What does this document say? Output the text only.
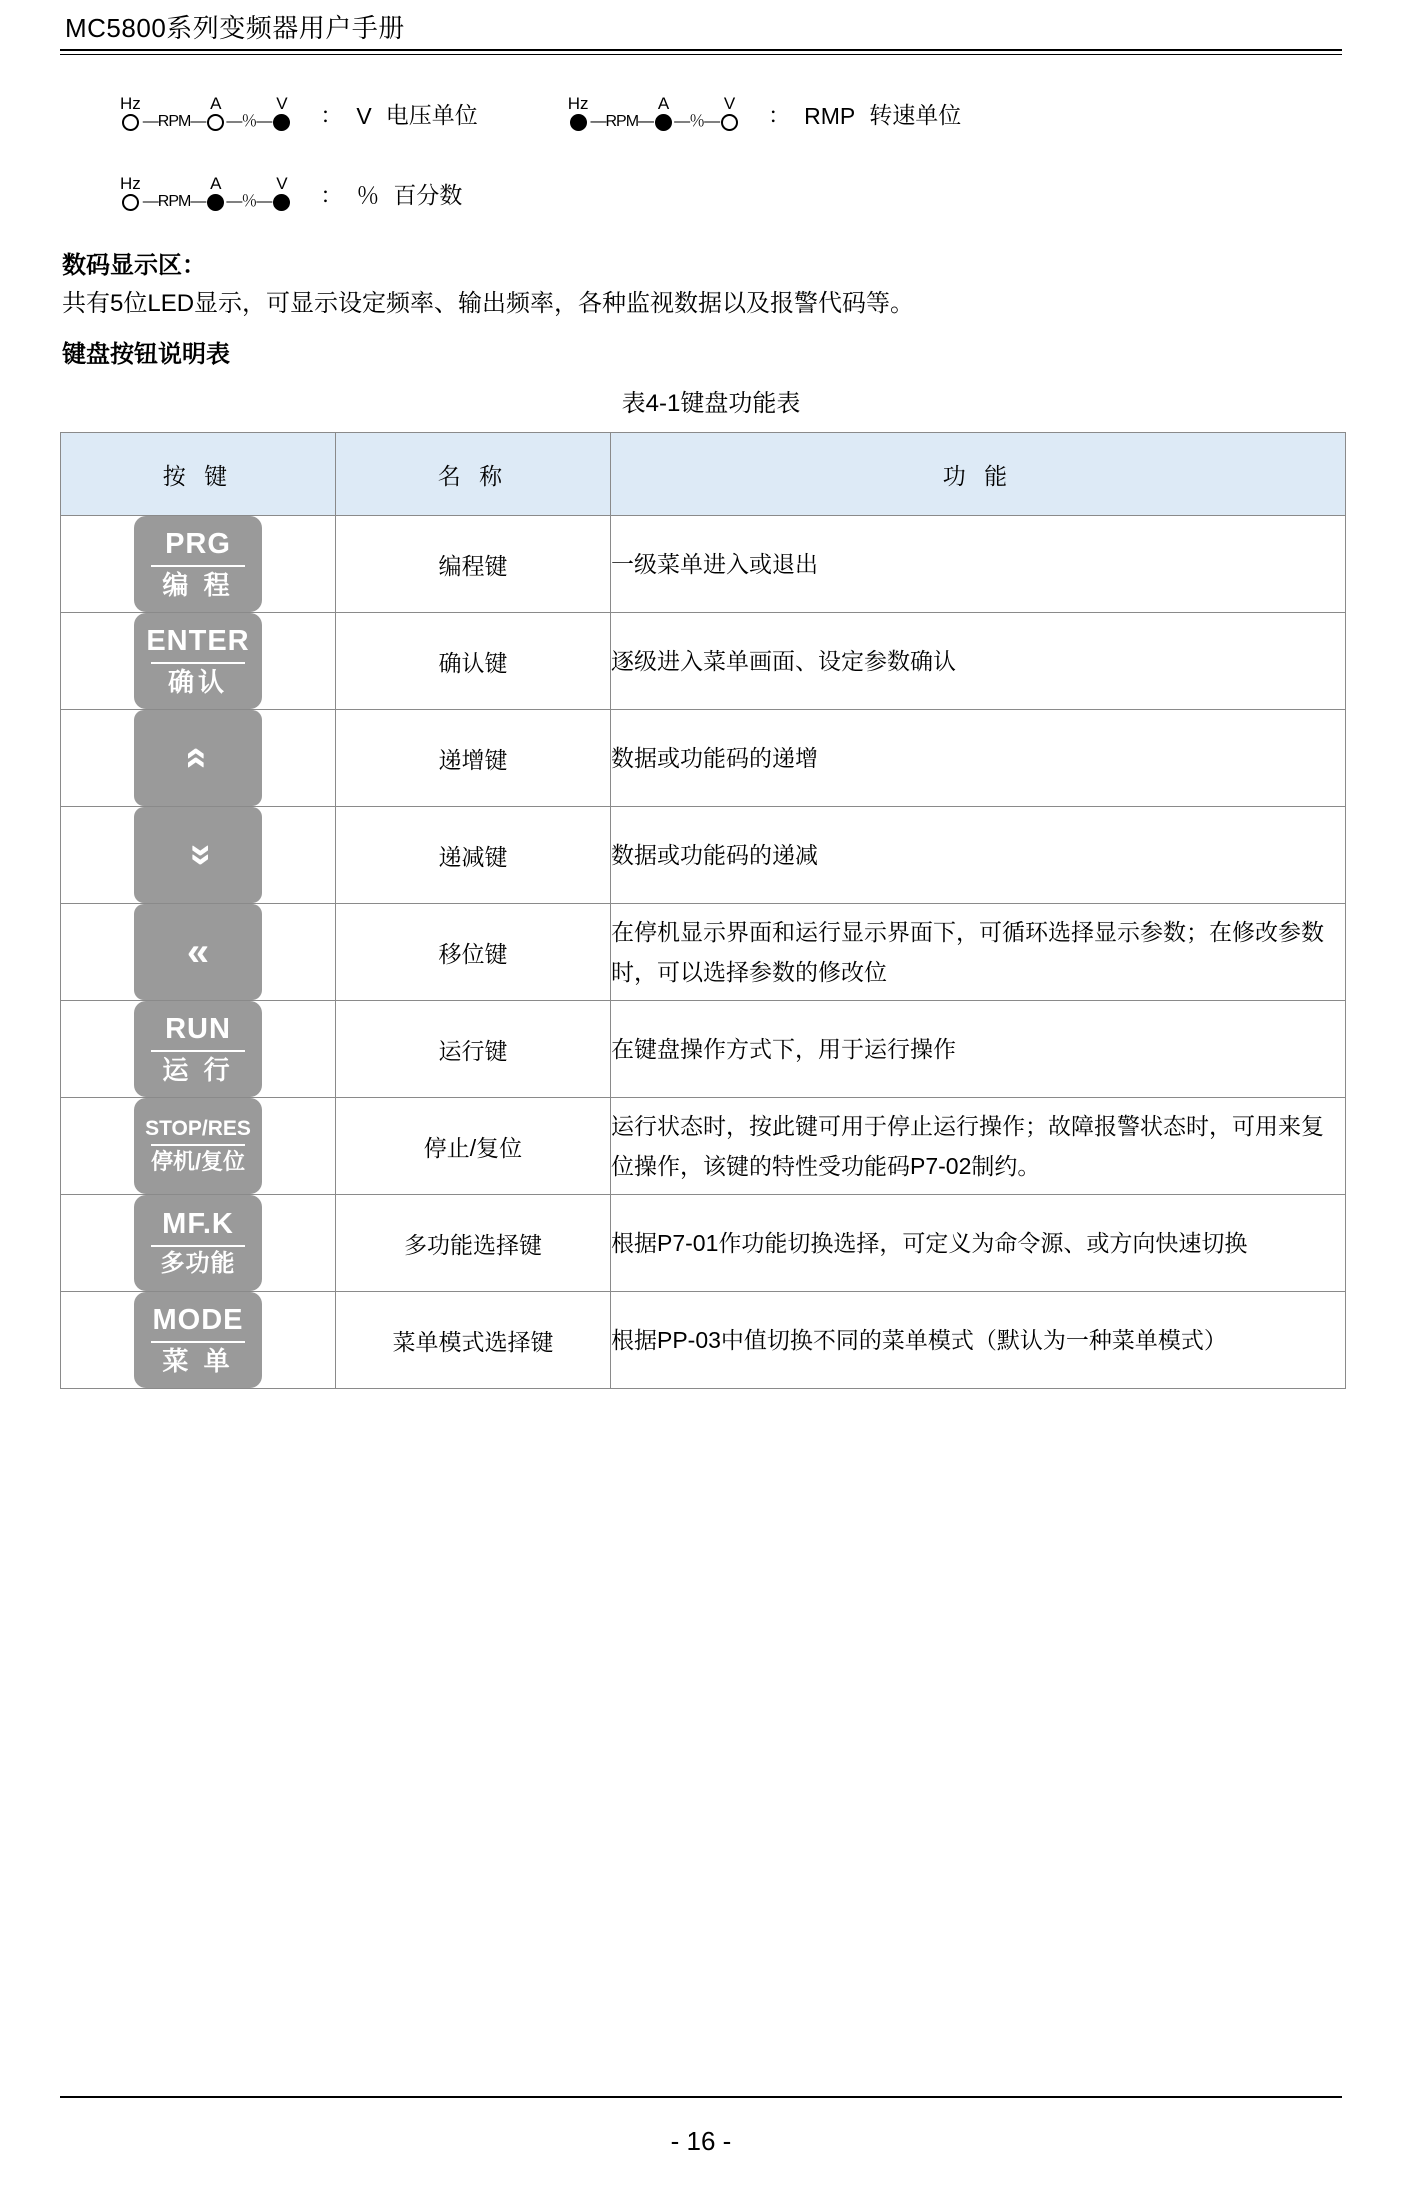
MC5800系列变频器用户手册
Hz
—RPM—
A
—％—
V ： V 电压单位	Hz
—RPM—
A
—％—
V ： RMP 转速单位
Hz
—RPM—
A
—％—
V ： ％ 百分数
数码显示区：
共有5位LED显示，可显示设定频率、输出频率，各种监视数据以及报警代码等。
键盘按钮说明表
表4-1键盘功能表
按 键	名 称	功 能

PRG
编 程	编程键	一级菜单进入或退出

ENTER
确认	确认键	逐级进入菜单画面、设定参数确认

«	递增键	数据或功能码的递增

«	递减键	数据或功能码的递减

«	移位键	在停机显示界面和运行显示界面下，可循环选择显示参数；在修改参数时，可以选择参数的修改位

RUN
运 行	运行键	在键盘操作方式下，用于运行操作

STOP/RES
停机/复位	停止/复位	运行状态时，按此键可用于停止运行操作；故障报警状态时，可用来复位操作，该键的特性受功能码P7-02制约。

MF.K
多功能	多功能选择键	根据P7-01作功能切换选择，可定义为命令源、或方向快速切换

MODE
菜 单	菜单模式选择键	根据PP-03中值切换不同的菜单模式（默认为一种菜单模式）
- 16 -
